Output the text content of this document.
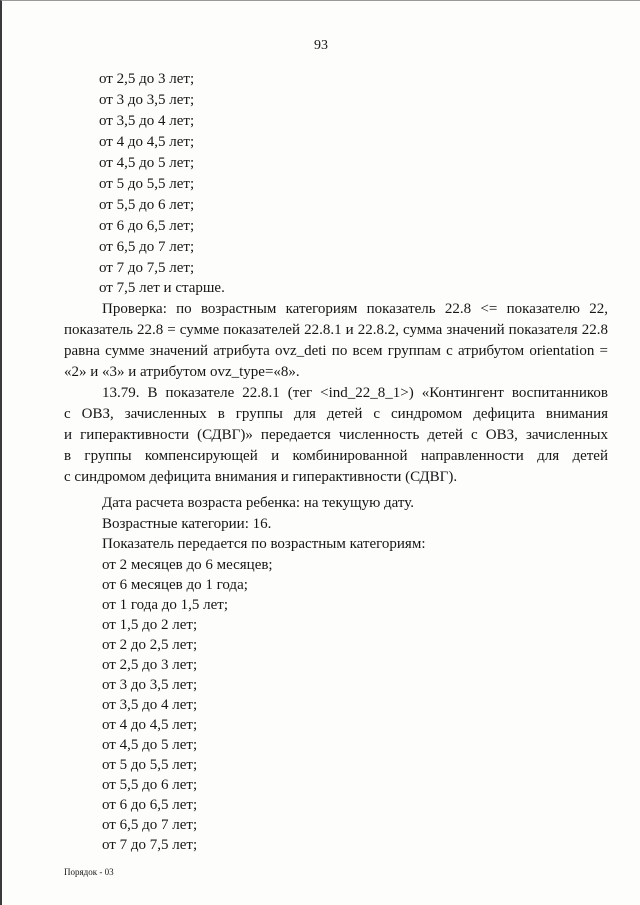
93
от 2,5 до 3 лет;
от 3 до 3,5 лет;
от 3,5 до 4 лет;
от 4 до 4,5 лет;
от 4,5 до 5 лет;
от 5 до 5,5 лет;
от 5,5 до 6 лет;
от 6 до 6,5 лет;
от 6,5 до 7 лет;
от 7 до 7,5 лет;
от 7,5 лет и старше.
Проверка: по возрастным категориям показатель 22.8 <= показателю 22,
показатель 22.8 = сумме показателей 22.8.1 и 22.8.2, сумма значений показателя 22.8
равна сумме значений атрибута ovz_deti по всем группам с атрибутом orientation =
«2» и «3» и атрибутом ovz_type=«8».
13.79. В показателе 22.8.1 (тег <ind_22_8_1>) «Контингент воспитанников
с ОВЗ, зачисленных в группы для детей с синдромом дефицита внимания
и гиперактивности (СДВГ)» передается численность детей с ОВЗ, зачисленных
в группы компенсирующей и комбинированной направленности для детей
с синдромом дефицита внимания и гиперактивности (СДВГ).
Дата расчета возраста ребенка: на текущую дату.
Возрастные категории: 16.
Показатель передается по возрастным категориям:
от 2 месяцев до 6 месяцев;
от 6 месяцев до 1 года;
от 1 года до 1,5 лет;
от 1,5 до 2 лет;
от 2 до 2,5 лет;
от 2,5 до 3 лет;
от 3 до 3,5 лет;
от 3,5 до 4 лет;
от 4 до 4,5 лет;
от 4,5 до 5 лет;
от 5 до 5,5 лет;
от 5,5 до 6 лет;
от 6 до 6,5 лет;
от 6,5 до 7 лет;
от 7 до 7,5 лет;
Порядок - 03
